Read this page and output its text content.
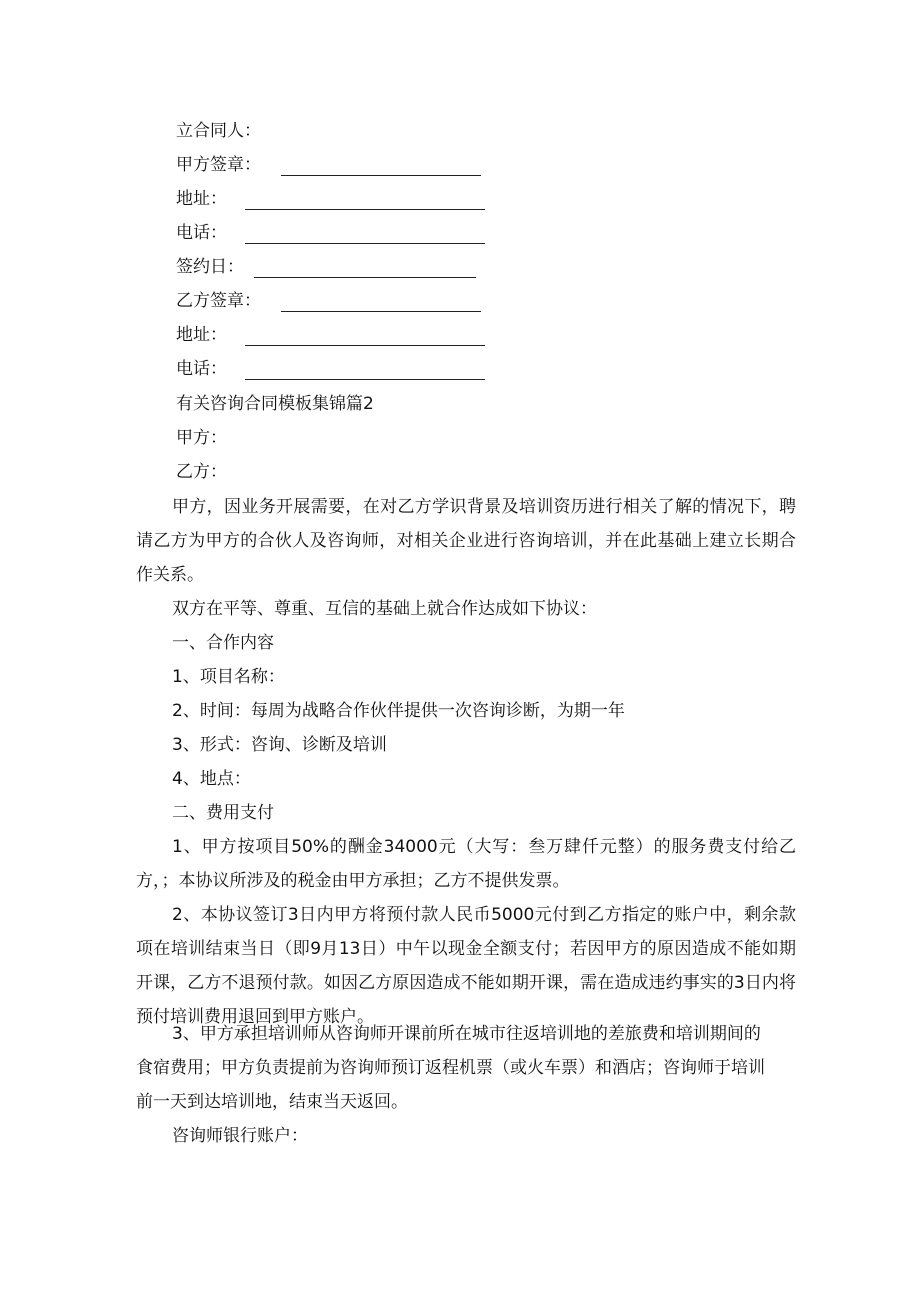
立合同人：
甲方签章：
地址：
电话：
签约日：
乙方签章：
地址：
电话：
有关咨询合同模板集锦篇2
甲方：
乙方：

甲方，因业务开展需要，在对乙方学识背景及培训资历进行相关了解的情况下，聘请乙方为甲方的合伙人及咨询师，对相关企业进行咨询培训，并在此基础上建立长期合作关系。

双方在平等、尊重、互信的基础上就合作达成如下协议：

一、合作内容

1、项目名称：

2、时间：每周为战略合作伙伴提供一次咨询诊断，为期一年

3、形式：咨询、诊断及培训

4、地点：

二、费用支付

1、甲方按项目50%的酬金34000元（大写：叁万肆仟元整）的服务费支付给乙方，；本协议所涉及的税金由甲方承担；乙方不提供发票。

2、本协议签订3日内甲方将预付款人民币5000元付到乙方指定的账户中，剩余款项在培训结束当日（即9月13日）中午以现金全额支付；若因甲方的原因造成不能如期开课，乙方不退预付款。如因乙方原因造成不能如期开课，需在造成违约事实的3日内将预付培训费用退回到甲方账户。

3、甲方承担培训师从咨询师开课前所在城市往返培训地的差旅费和培训期间的食宿费用；甲方负责提前为咨询师预订返程机票（或火车票）和酒店；咨询师于培训前一天到达培训地，结束当天返回。

咨询师银行账户：
